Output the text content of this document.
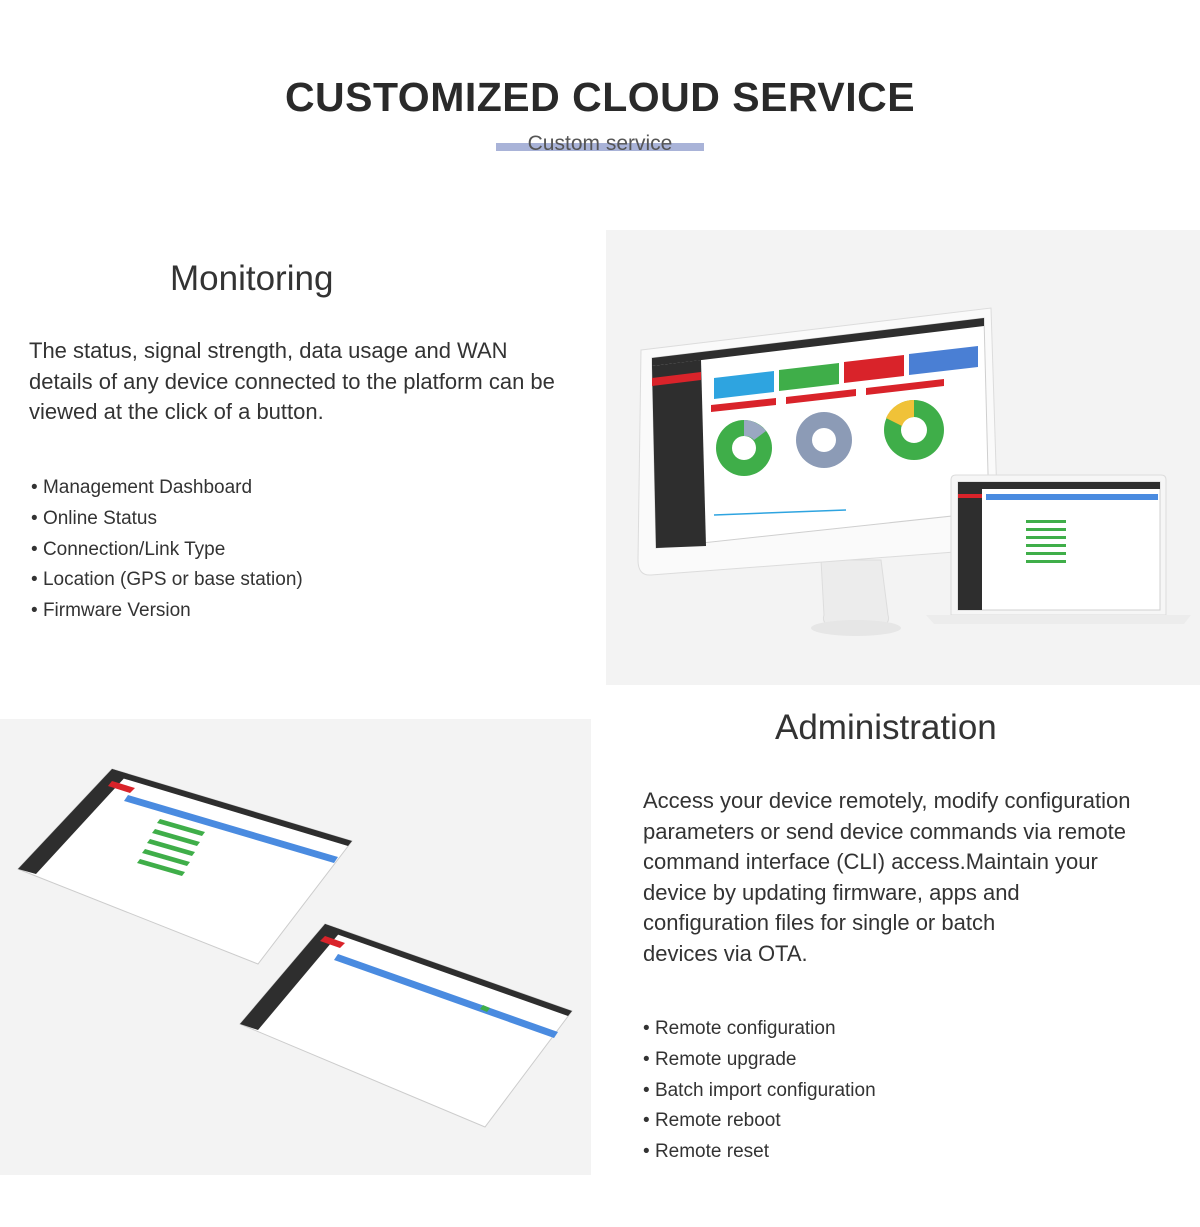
CUSTOMIZED CLOUD SERVICE
Custom service
Monitoring
The status, signal strength, data usage and WAN details of any device connected to the platform can be viewed at the click of a button.
• Management Dashboard
• Online Status
• Connection/Link Type
• Location (GPS or base station)
• Firmware Version
Administration
Access your device remotely, modify configuration
parameters or send device commands via remote
command interface (CLI) access.Maintain your
device by updating firmware, apps and
configuration files for single or batch
devices via OTA.
• Remote configuration
• Remote upgrade
• Batch import configuration
• Remote reboot
• Remote reset
